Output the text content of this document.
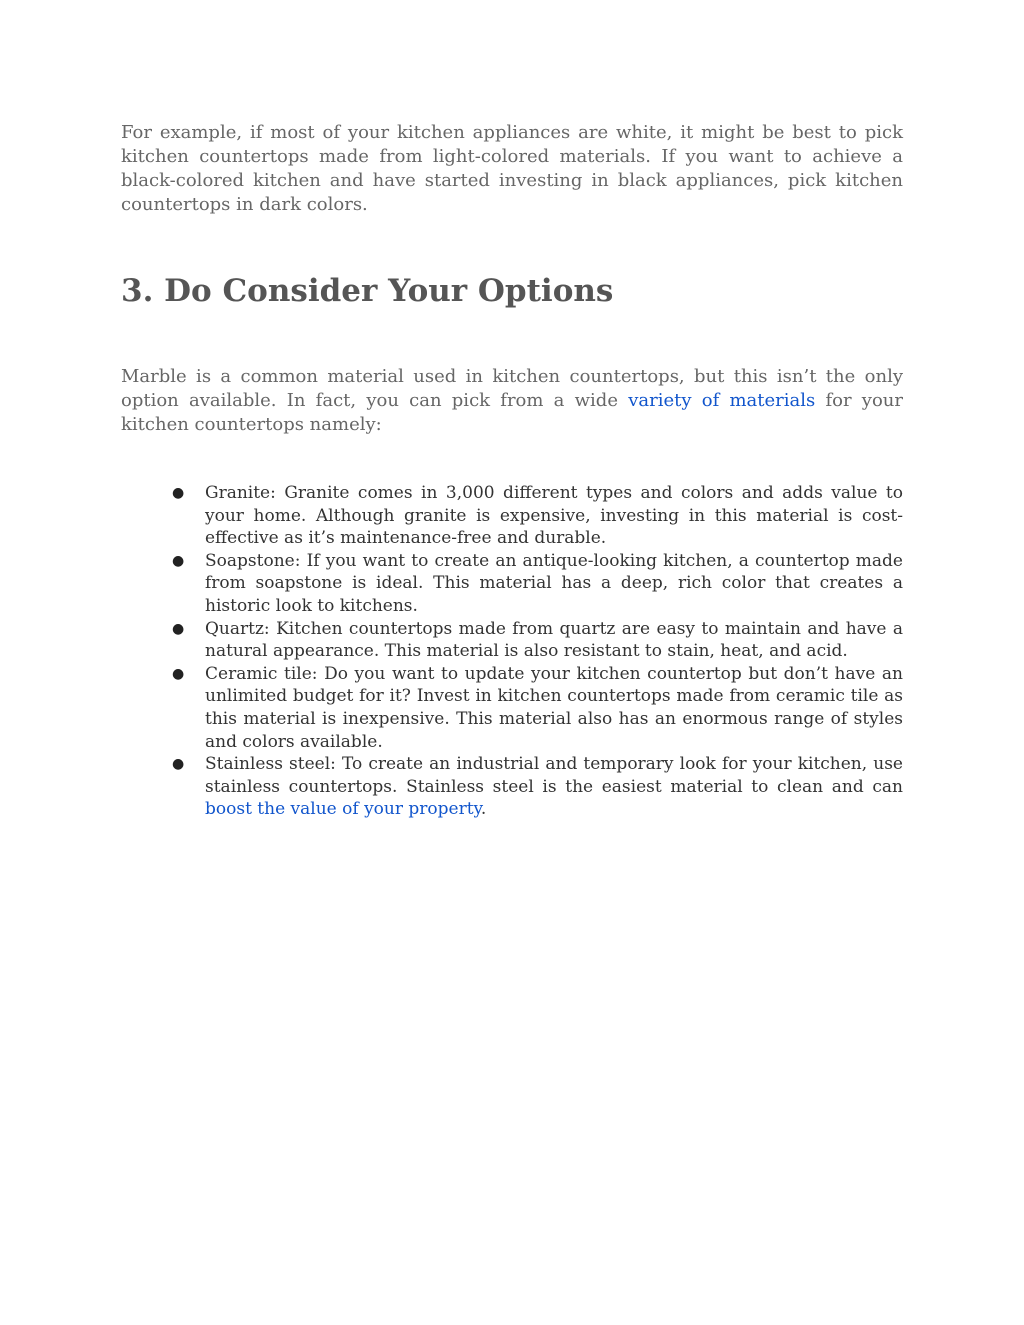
For example, if most of your kitchen appliances are white, it might be best to pick kitchen countertops made from light-colored materials. If you want to achieve a black-colored kitchen and have started investing in black appliances, pick kitchen countertops in dark colors.

3. Do Consider Your Options

Marble is a common material used in kitchen countertops, but this isn’t the only option available. In fact, you can pick from a wide variety of materials for your kitchen countertops namely:

● Granite: Granite comes in 3,000 different types and colors and adds value to your home. Although granite is expensive, investing in this material is cost-effective as it’s maintenance-free and durable.
● Soapstone: If you want to create an antique-looking kitchen, a countertop made from soapstone is ideal. This material has a deep, rich color that creates a historic look to kitchens.
● Quartz: Kitchen countertops made from quartz are easy to maintain and have a natural appearance. This material is also resistant to stain, heat, and acid.
● Ceramic tile: Do you want to update your kitchen countertop but don’t have an unlimited budget for it? Invest in kitchen countertops made from ceramic tile as this material is inexpensive. This material also has an enormous range of styles and colors available.
● Stainless steel: To create an industrial and temporary look for your kitchen, use stainless countertops. Stainless steel is the easiest material to clean and can boost the value of your property.
